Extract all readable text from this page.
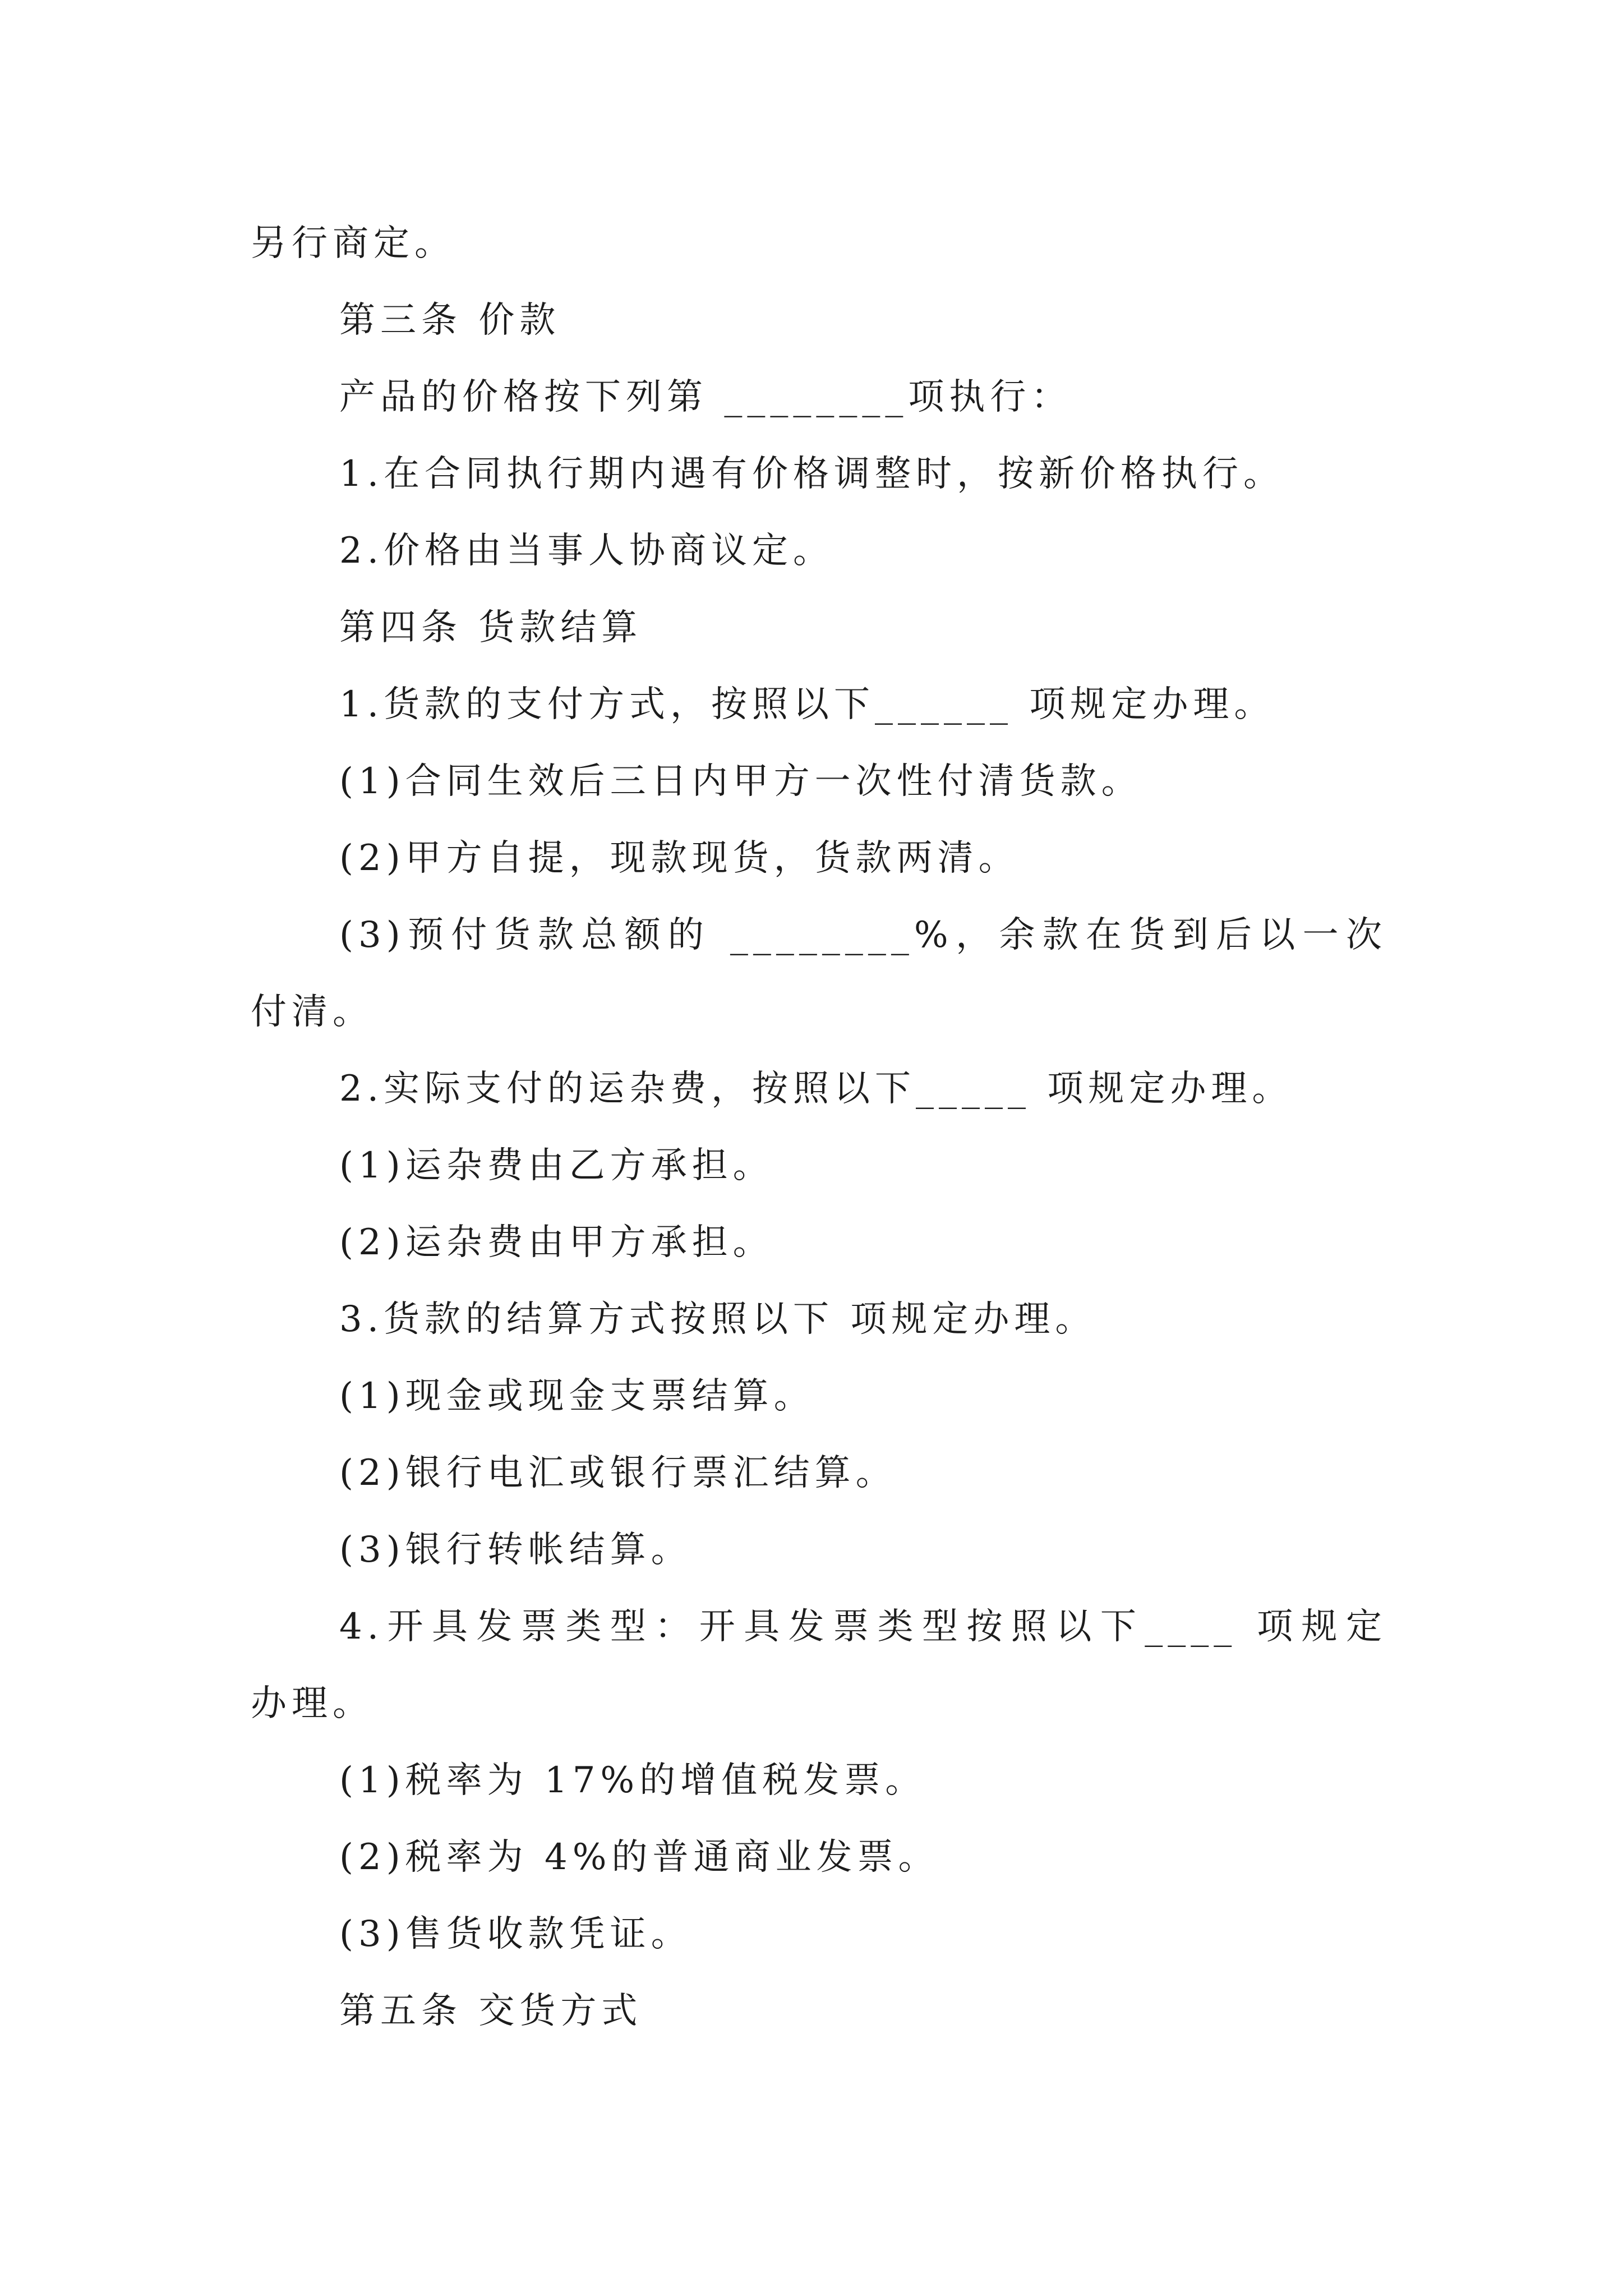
另行商定。
第三条 价款
产品的价格按下列第 ________项执行：
1.在合同执行期内遇有价格调整时，按新价格执行。
2.价格由当事人协商议定。
第四条 货款结算
1.货款的支付方式，按照以下______ 项规定办理。
(1)合同生效后三日内甲方一次性付清货款。
(2)甲方自提，现款现货，货款两清。
(3)预付货款总额的 ________%，余款在货到后以一次
付清。
2.实际支付的运杂费，按照以下_____ 项规定办理。
(1)运杂费由乙方承担。
(2)运杂费由甲方承担。
3.货款的结算方式按照以下 项规定办理。
(1)现金或现金支票结算。
(2)银行电汇或银行票汇结算。
(3)银行转帐结算。
4.开具发票类型：开具发票类型按照以下____ 项规定
办理。
(1)税率为 17%的增值税发票。
(2)税率为 4%的普通商业发票。
(3)售货收款凭证。
第五条 交货方式
